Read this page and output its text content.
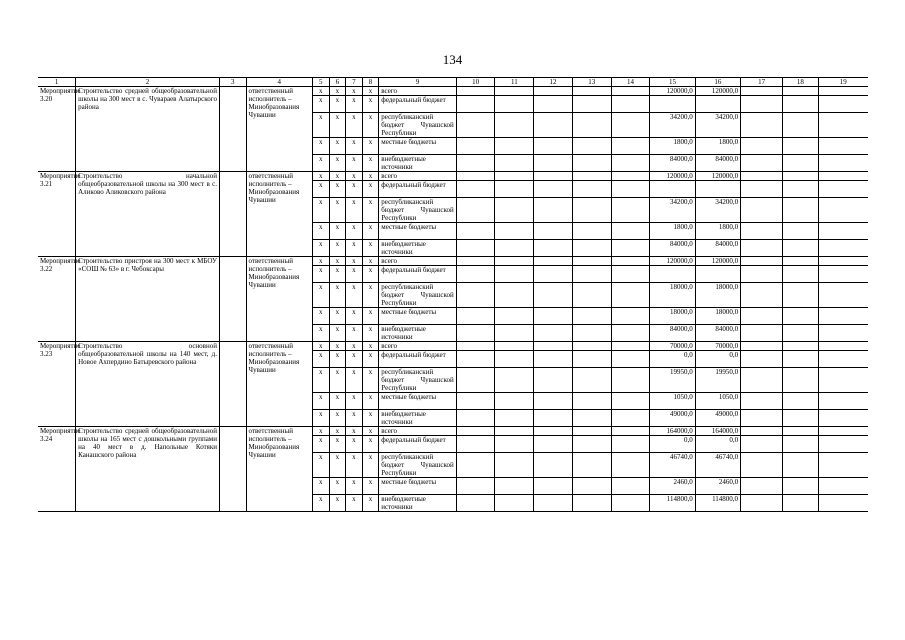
134
1	2	3	4	5	6	7	8	9	10	11	12	13	14	15	16	17	18	19
Мероприятие 3.20	Строительство средней общеобразовательной школы на 300 мест в с. Чувараев Алатырского района		ответственный исполнитель – Минобразования Чувашии	x	x	x	x	всего						120000,0	120000,0			
				x	x	x	x	федеральный бюджет										
				x	x	x	x	республиканский бюджет Чувашской Республики						34200,0	34200,0			
				x	x	x	x	местные бюджеты						1800,0	1800,0			
				x	x	x	x	внебюджетные источники						84000,0	84000,0			
Мероприятие 3.21	Строительство начальной общеобразовательной школы на 300 мест в с. Аликово Аликовского района		ответственный исполнитель – Минобразования Чувашии	x	x	x	x	всего						120000,0	120000,0			
				x	x	x	x	федеральный бюджет										
				x	x	x	x	республиканский бюджет Чувашской Республики						34200,0	34200,0			
				x	x	x	x	местные бюджеты						1800,0	1800,0			
				x	x	x	x	внебюджетные источники						84000,0	84000,0			
Мероприятие 3.22	Строительство пристроя на 300 мест к МБОУ «СОШ № 63» в г. Чебоксары		ответственный исполнитель – Минобразования Чувашии	x	x	x	x	всего						120000,0	120000,0			
				x	x	x	x	федеральный бюджет										
				x	x	x	x	республиканский бюджет Чувашской Республики						18000,0	18000,0			
				x	x	x	x	местные бюджеты						18000,0	18000,0			
				x	x	x	x	внебюджетные источники						84000,0	84000,0			
Мероприятие 3.23	Строительство основной общеобразовательной школы на 140 мест, д. Новое Ахпердино Батыревского района		ответственный исполнитель – Минобразования Чувашии	x	x	x	x	всего						70000,0	70000,0			
				x	x	x	x	федеральный бюджет						0,0	0,0			
				x	x	x	x	республиканский бюджет Чувашской Республики						19950,0	19950,0			
				x	x	x	x	местные бюджеты						1050,0	1050,0			
				x	x	x	x	внебюджетные источники						49000,0	49000,0			
Мероприятие 3.24	Строительство средней общеобразовательной школы на 165 мест с дошкольными группами на 40 мест в д. Напольные Котяки Канашского района		ответственный исполнитель – Минобразования Чувашии	x	x	x	x	всего						164000,0	164000,0			
				x	x	x	x	федеральный бюджет						0,0	0,0			
				x	x	x	x	республиканский бюджет Чувашской Республики						46740,0	46740,0			
				x	x	x	x	местные бюджеты						2460,0	2460,0			
				x	x	x	x	внебюджетные источники						114800,0	114800,0			
